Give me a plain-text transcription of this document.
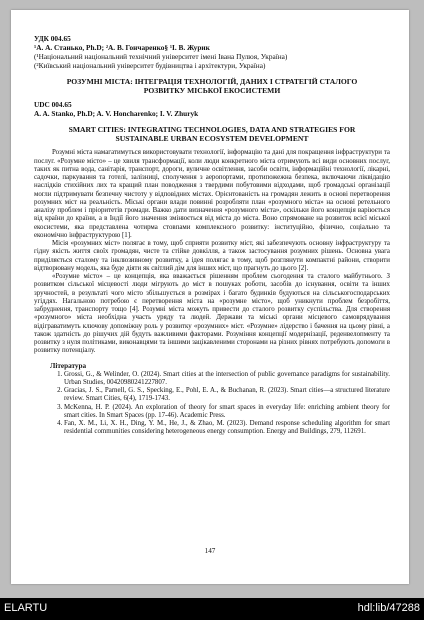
УДК 004.65

¹А. А. Станько, Ph.D; ²А. В. Гончаренко§ ¹І. В. Журик

(¹Національний національний технічний університет імені Івана Пулюя, Україна)

(²Київський національний університет будівництва і архітектури, Україна)

РОЗУМНІ МІСТА: ІНТЕГРАЦІЯ ТЕХНОЛОГІЙ, ДАНИХ І СТРАТЕГІЙ СТАЛОГО

РОЗВИТКУ МІСЬКОЇ ЕКОСИСТЕМИ

UDC 004.65

A. A. Stanko, Ph.D; A. V. Honcharenko; I. V. Zhuryk

SMART CITIES: INTEGRATING TECHNOLOGIES, DATA AND STRATEGIES FOR

SUSTAINABLE URBAN ECOSYSTEM DEVELOPMENT

Розумні міста намагатимуться використовувати технології, інформацію та дані для покращення інфраструктури та послуг. «Розумне місто» – це хвиля трансформації, коли люди конкретного міста отримують всі види основних послуг, таких як питна вода, санітарія, транспорт, дороги, вуличне освітлення, засоби освіти, інформаційні технології, лікарні, садочки, паркування та готелі, залізниці, сполучення з аеропортами, протипожежна безпека, включаючи ліквідацію наслідків стихійних лих та кращий план поводження з твердими побутовими відходами, щоб громадські організації могли підтримувати безпечну чистоту у відповідних містах. Орієнтованість на громадян лежить в основі перетворення розумних міст на реальність. Міські органи влади повинні розробляти план «розумного міста» на основі ретельного аналізу проблем і пріоритетів громади. Важко дати визначення «розумного міста», оскільки його концепція варіюється від країни до країни, а в Індії його значення змінюється від міста до міста. Воно спрямоване на розвиток всієї міської екосистеми, яка представлена чотирма стовпами комплексного розвитку: інституційно, фізично, соціально та економічно інфраструктурою [1].

Місія «розумних міст» полягає в тому, щоб сприяти розвитку міст, які забезпечують основну інфраструктуру та гідну якість життя своїх громадян, чисте та стійке довкілля, а також застосування розумних рішень. Основна увага приділяється сталому та інклюзивному розвитку, а ідея полягає в тому, щоб розглянути компактні райони, створити відтворювану модель, яка буде діяти як світлий дім для інших міст, що прагнуть до цього [2].

«Розумне місто» – це концепція, яка вважається рішенням проблем сьогодення та сталого майбутнього. З розвитком сільської місцевості люди мігрують до міст в пошуках роботи, засобів до існування, освіти та інших зручностей, в результаті чого місто збільшується в розмірах і багато будинків будуються на сільськогосподарських угіддях. Нагальною потребою є перетворення міста на «розумне місто», щоб уникнути проблем безробіття, забруднення, транспорту тощо [4]. Розумні міста можуть привести до сталого розвитку суспільства. Для створення «розумного» міста необхідна участь уряду та людей. Держави та міські органи місцевого самоврядування відіграватимуть ключову допоміжну роль у розвитку «розумних» міст. «Розумне» лідерство і бачення на цьому рівні, а також здатність до рішучих дій будуть важливими факторами. Розуміння концепції модернізації, реденвелопменту та розвитку з нуля політиками, виконавцями та іншими зацікавленими сторонами на різних рівнях потребують допомоги в розвитку потенціалу.

Література

1. Grossi, G., & Welinder, O. (2024). Smart cities at the intersection of public governance paradigms for sustainability. Urban Studies, 00420980241227807.
2. Gracias, J. S., Parnell, G. S., Specking, E., Pohl, E. A., & Buchanan, R. (2023). Smart cities—a structured literature review. Smart Cities, 6(4), 1719-1743.
3. McKenna, H. P. (2024). An exploration of theory for smart spaces in everyday life: enriching ambient theory for smart cities. In Smart Spaces (pp. 17-46). Academic Press.
4. Fan, X. M., Li, X. H., Ding, Y. M., He, J., & Zhao, M. (2023). Demand response scheduling algorithm for smart residential communities considering heterogeneous energy consumption. Energy and Buildings, 279, 112691.
147
ELARTU	hdl:lib/47288
